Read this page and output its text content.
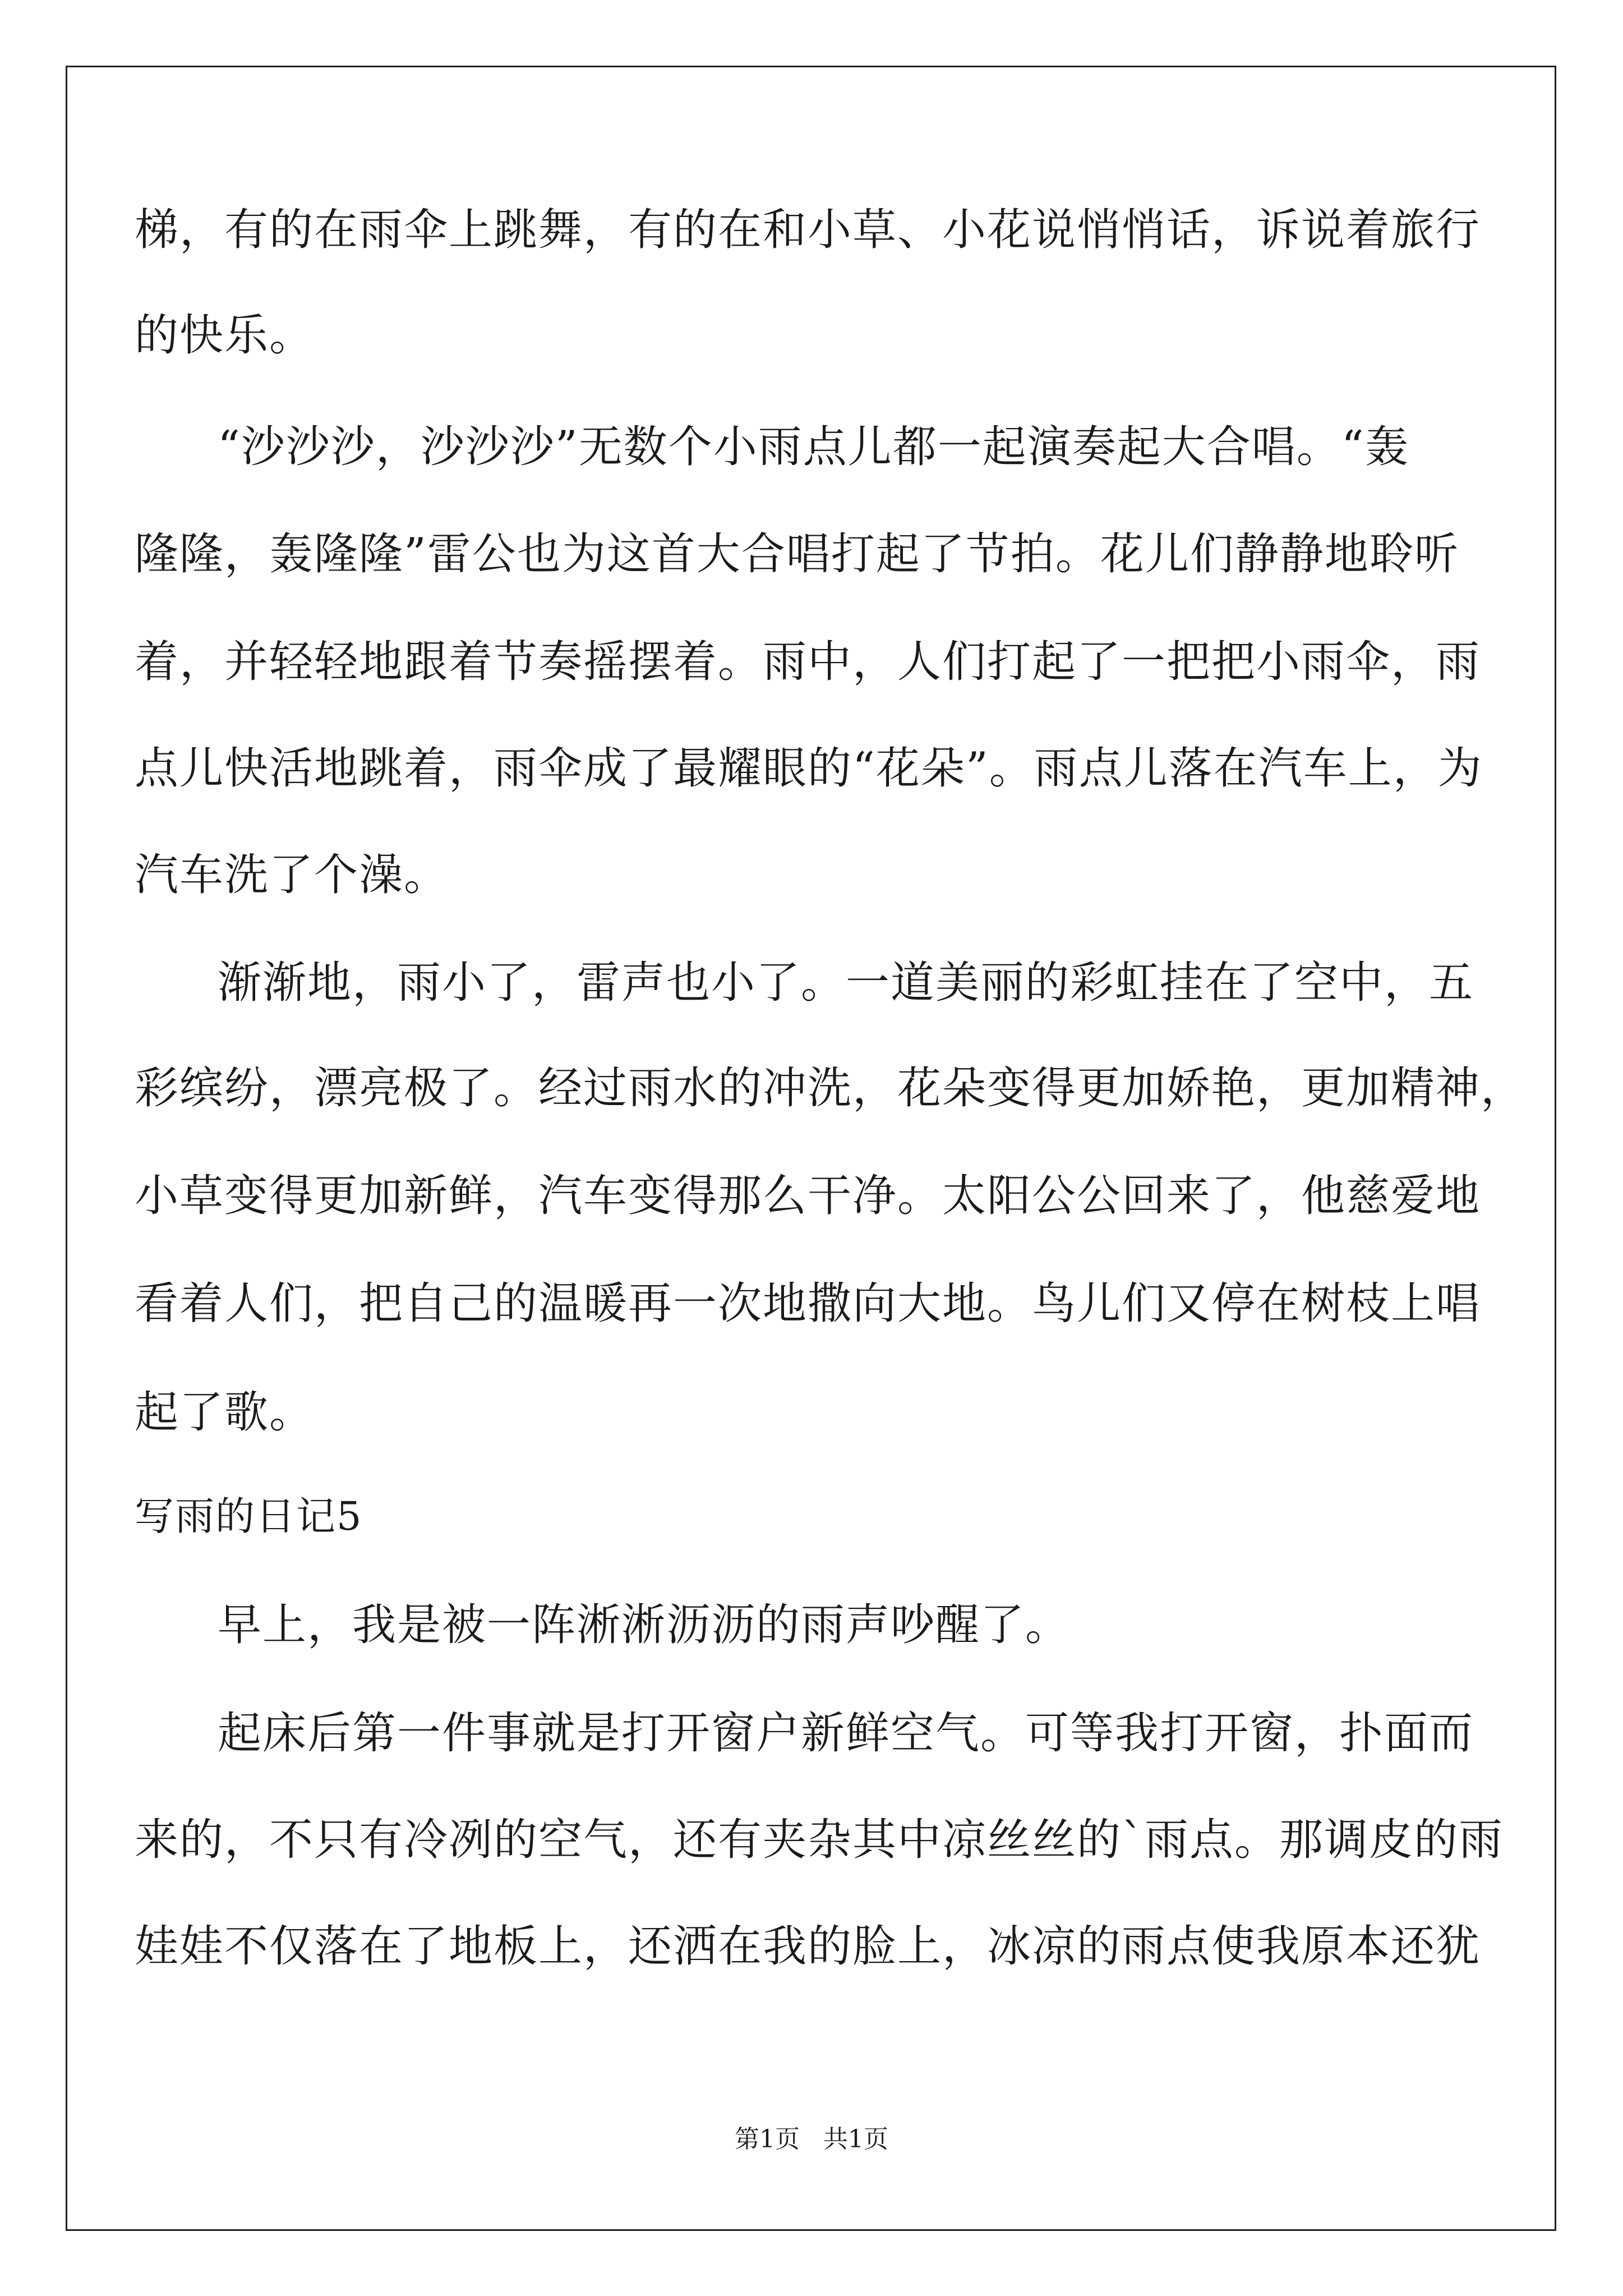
梯，有的在雨伞上跳舞，有的在和小草、小花说悄悄话，诉说着旅行
的快乐。
“沙沙沙，沙沙沙”无数个小雨点儿都一起演奏起大合唱。“轰
隆隆，轰隆隆”雷公也为这首大合唱打起了节拍。花儿们静静地聆听
着，并轻轻地跟着节奏摇摆着。雨中，人们打起了一把把小雨伞，雨
点儿快活地跳着，雨伞成了最耀眼的“花朵”。雨点儿落在汽车上，为
汽车洗了个澡。
渐渐地，雨小了，雷声也小了。一道美丽的彩虹挂在了空中，五
彩缤纷，漂亮极了。经过雨水的冲洗，花朵变得更加娇艳，更加精神，
小草变得更加新鲜，汽车变得那么干净。太阳公公回来了，他慈爱地
看着人们，把自己的温暖再一次地撒向大地。鸟儿们又停在树枝上唱
起了歌。
写雨的日记5
早上，我是被一阵淅淅沥沥的雨声吵醒了。
起床后第一件事就是打开窗户新鲜空气。可等我打开窗，扑面而
来的，不只有冷冽的空气，还有夹杂其中凉丝丝的`雨点。那调皮的雨
娃娃不仅落在了地板上，还洒在我的脸上，冰凉的雨点使我原本还犹
第1页   共1页
